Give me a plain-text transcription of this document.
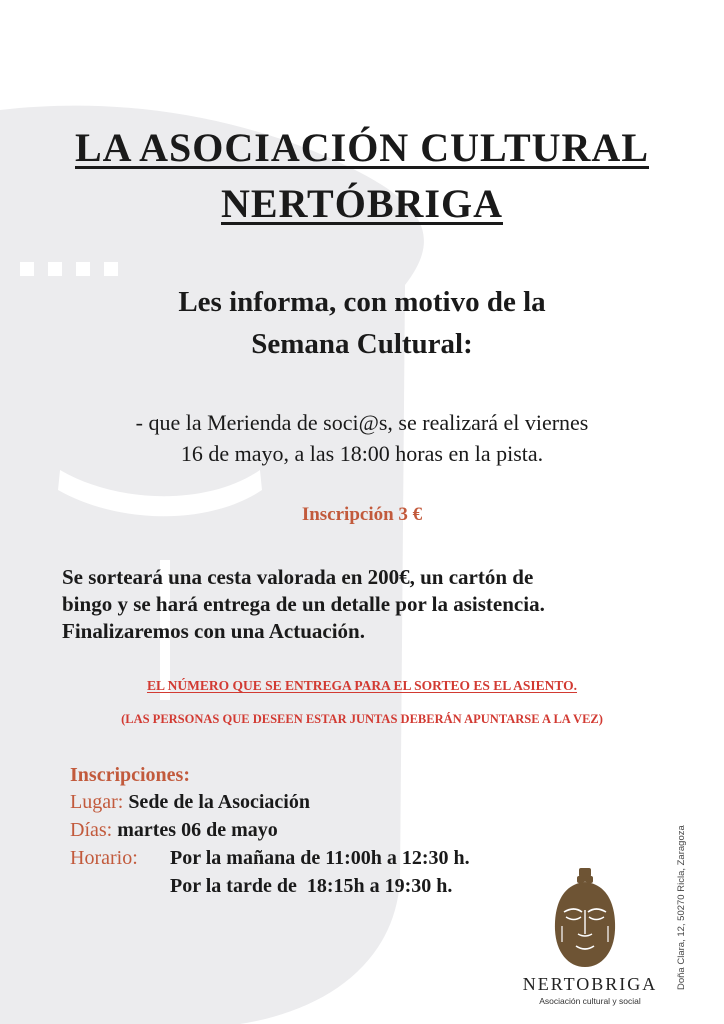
LA ASOCIACIÓN CULTURAL
NERTÓBRIGA
Les informa, con motivo de la
Semana Cultural:
- que la Merienda de soci@s, se realizará el viernes
16 de mayo, a las 18:00 horas en la pista.
Inscripción 3 €
Se sorteará una cesta valorada en 200€, un cartón de
bingo y se hará entrega de un detalle por la asistencia.
Finalizaremos con una Actuación.
EL NÚMERO QUE SE ENTREGA PARA EL SORTEO ES EL ASIENTO.
(LAS PERSONAS QUE DESEEN ESTAR JUNTAS DEBERÁN APUNTARSE A LA VEZ)
Inscripciones:
Lugar: Sede de la Asociación
Días: martes 06 de mayo
Horario: Por la mañana de 11:00h a 12:30 h.
Por la tarde de  18:15h a 19:30 h.	Doña Clara, 12, 50270 Ricla, Zaragoza
NERTOBRIGA
Asociación cultural y social
